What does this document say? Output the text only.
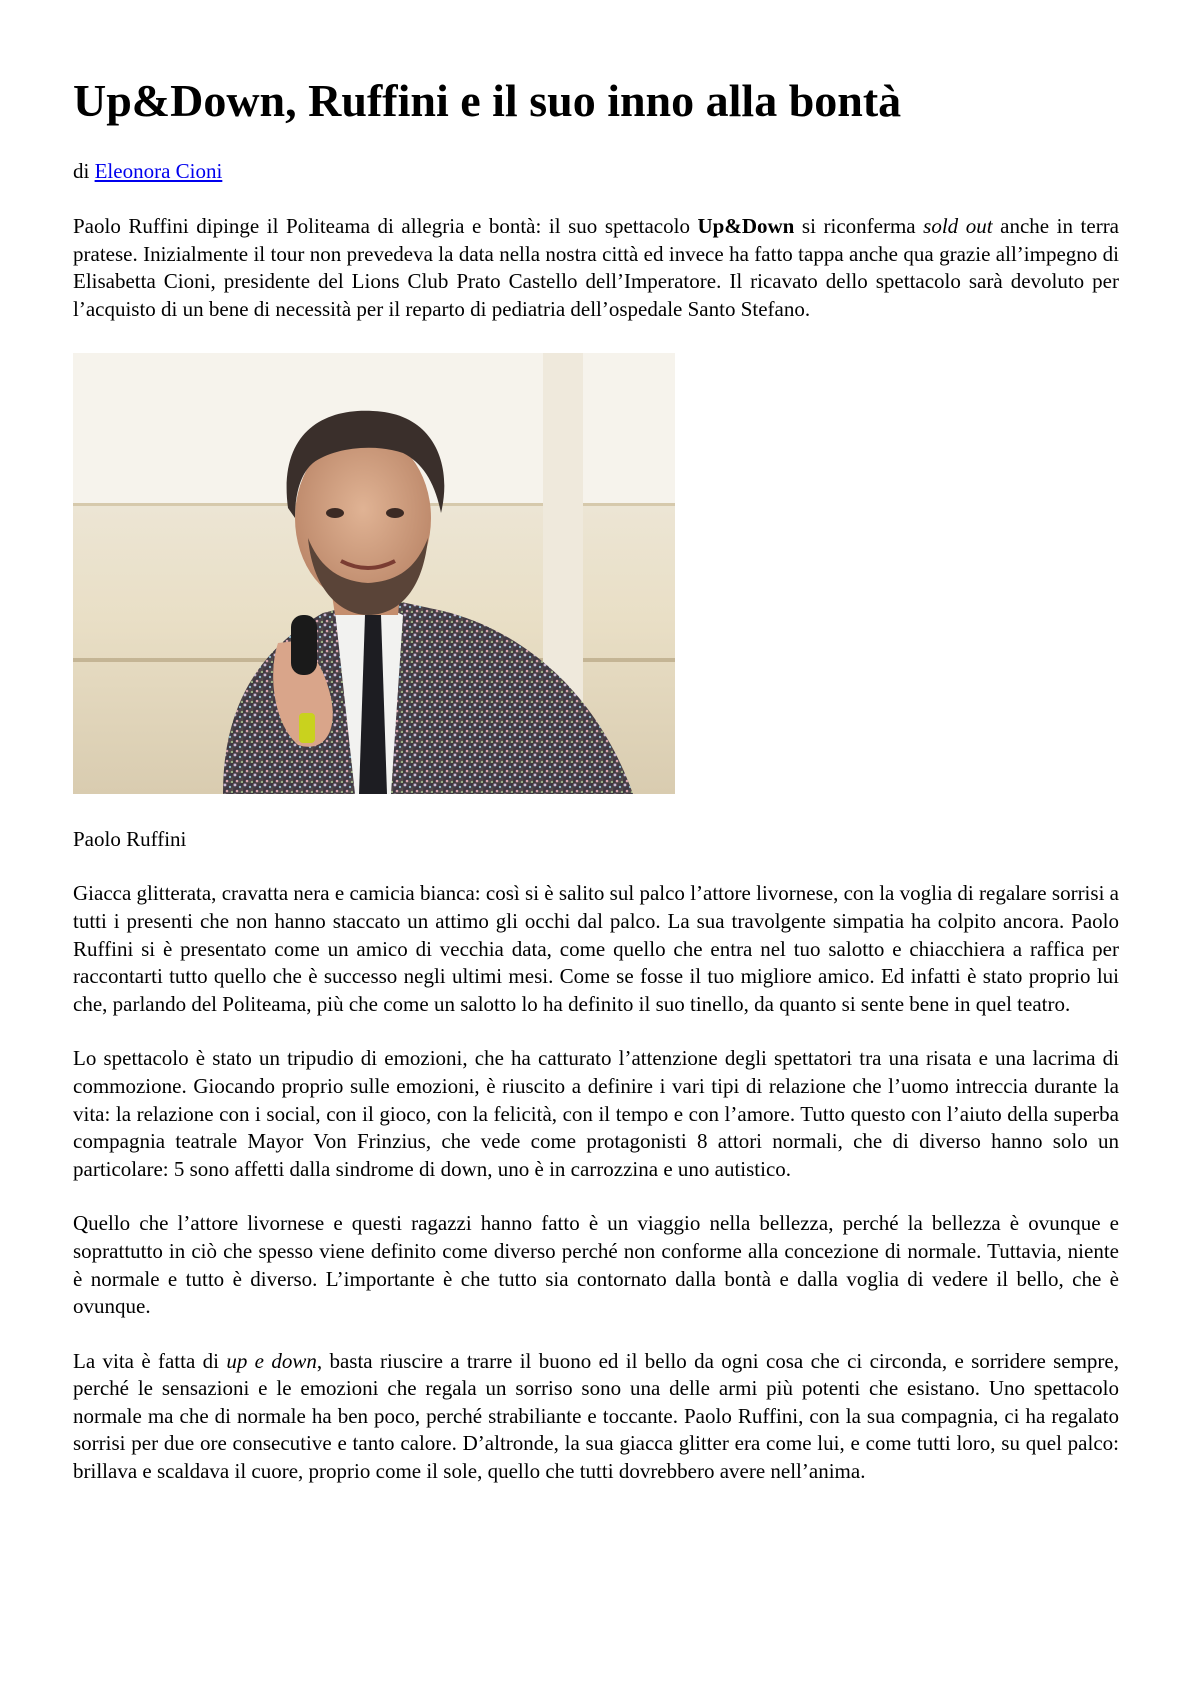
Up&Down, Ruffini e il suo inno alla bontà
di Eleonora Cioni

Paolo Ruffini dipinge il Politeama di allegria e bontà: il suo spettacolo Up&Down si riconferma sold out anche in terra pratese. Inizialmente il tour non prevedeva la data nella nostra città ed invece ha fatto tappa anche qua grazie all’impegno di Elisabetta Cioni, presidente del Lions Club Prato Castello dell’Imperatore. Il ricavato dello spettacolo sarà devoluto per l’acquisto di un bene di necessità per il reparto di pediatria dell’ospedale Santo Stefano.

Paolo Ruffini

Giacca glitterata, cravatta nera e camicia bianca: così si è salito sul palco l’attore livornese, con la voglia di regalare sorrisi a tutti i presenti che non hanno staccato un attimo gli occhi dal palco. La sua travolgente simpatia ha colpito ancora. Paolo Ruffini si è presentato come un amico di vecchia data, come quello che entra nel tuo salotto e chiacchiera a raffica per raccontarti tutto quello che è successo negli ultimi mesi. Come se fosse il tuo migliore amico. Ed infatti è stato proprio lui che, parlando del Politeama, più che come un salotto lo ha definito il suo tinello, da quanto si sente bene in quel teatro.

Lo spettacolo è stato un tripudio di emozioni, che ha catturato l’attenzione degli spettatori tra una risata e una lacrima di commozione. Giocando proprio sulle emozioni, è riuscito a definire i vari tipi di relazione che l’uomo intreccia durante la vita: la relazione con i social, con il gioco, con la felicità, con il tempo e con l’amore. Tutto questo con l’aiuto della superba compagnia teatrale Mayor Von Frinzius, che vede come protagonisti 8 attori normali, che di diverso hanno solo un particolare: 5 sono affetti dalla sindrome di down, uno è in carrozzina e uno autistico.

Quello che l’attore livornese e questi ragazzi hanno fatto è un viaggio nella bellezza, perché la bellezza è ovunque e soprattutto in ciò che spesso viene definito come diverso perché non conforme alla concezione di normale. Tuttavia, niente è normale e tutto è diverso. L’importante è che tutto sia contornato dalla bontà e dalla voglia di vedere il bello, che è ovunque.

La vita è fatta di up e down, basta riuscire a trarre il buono ed il bello da ogni cosa che ci circonda, e sorridere sempre, perché le sensazioni e le emozioni che regala un sorriso sono una delle armi più potenti che esistano. Uno spettacolo normale ma che di normale ha ben poco, perché strabiliante e toccante. Paolo Ruffini, con la sua compagnia, ci ha regalato sorrisi per due ore consecutive e tanto calore. D’altronde, la sua giacca glitter era come lui, e come tutti loro, su quel palco: brillava e scaldava il cuore, proprio come il sole, quello che tutti dovrebbero avere nell’anima.
